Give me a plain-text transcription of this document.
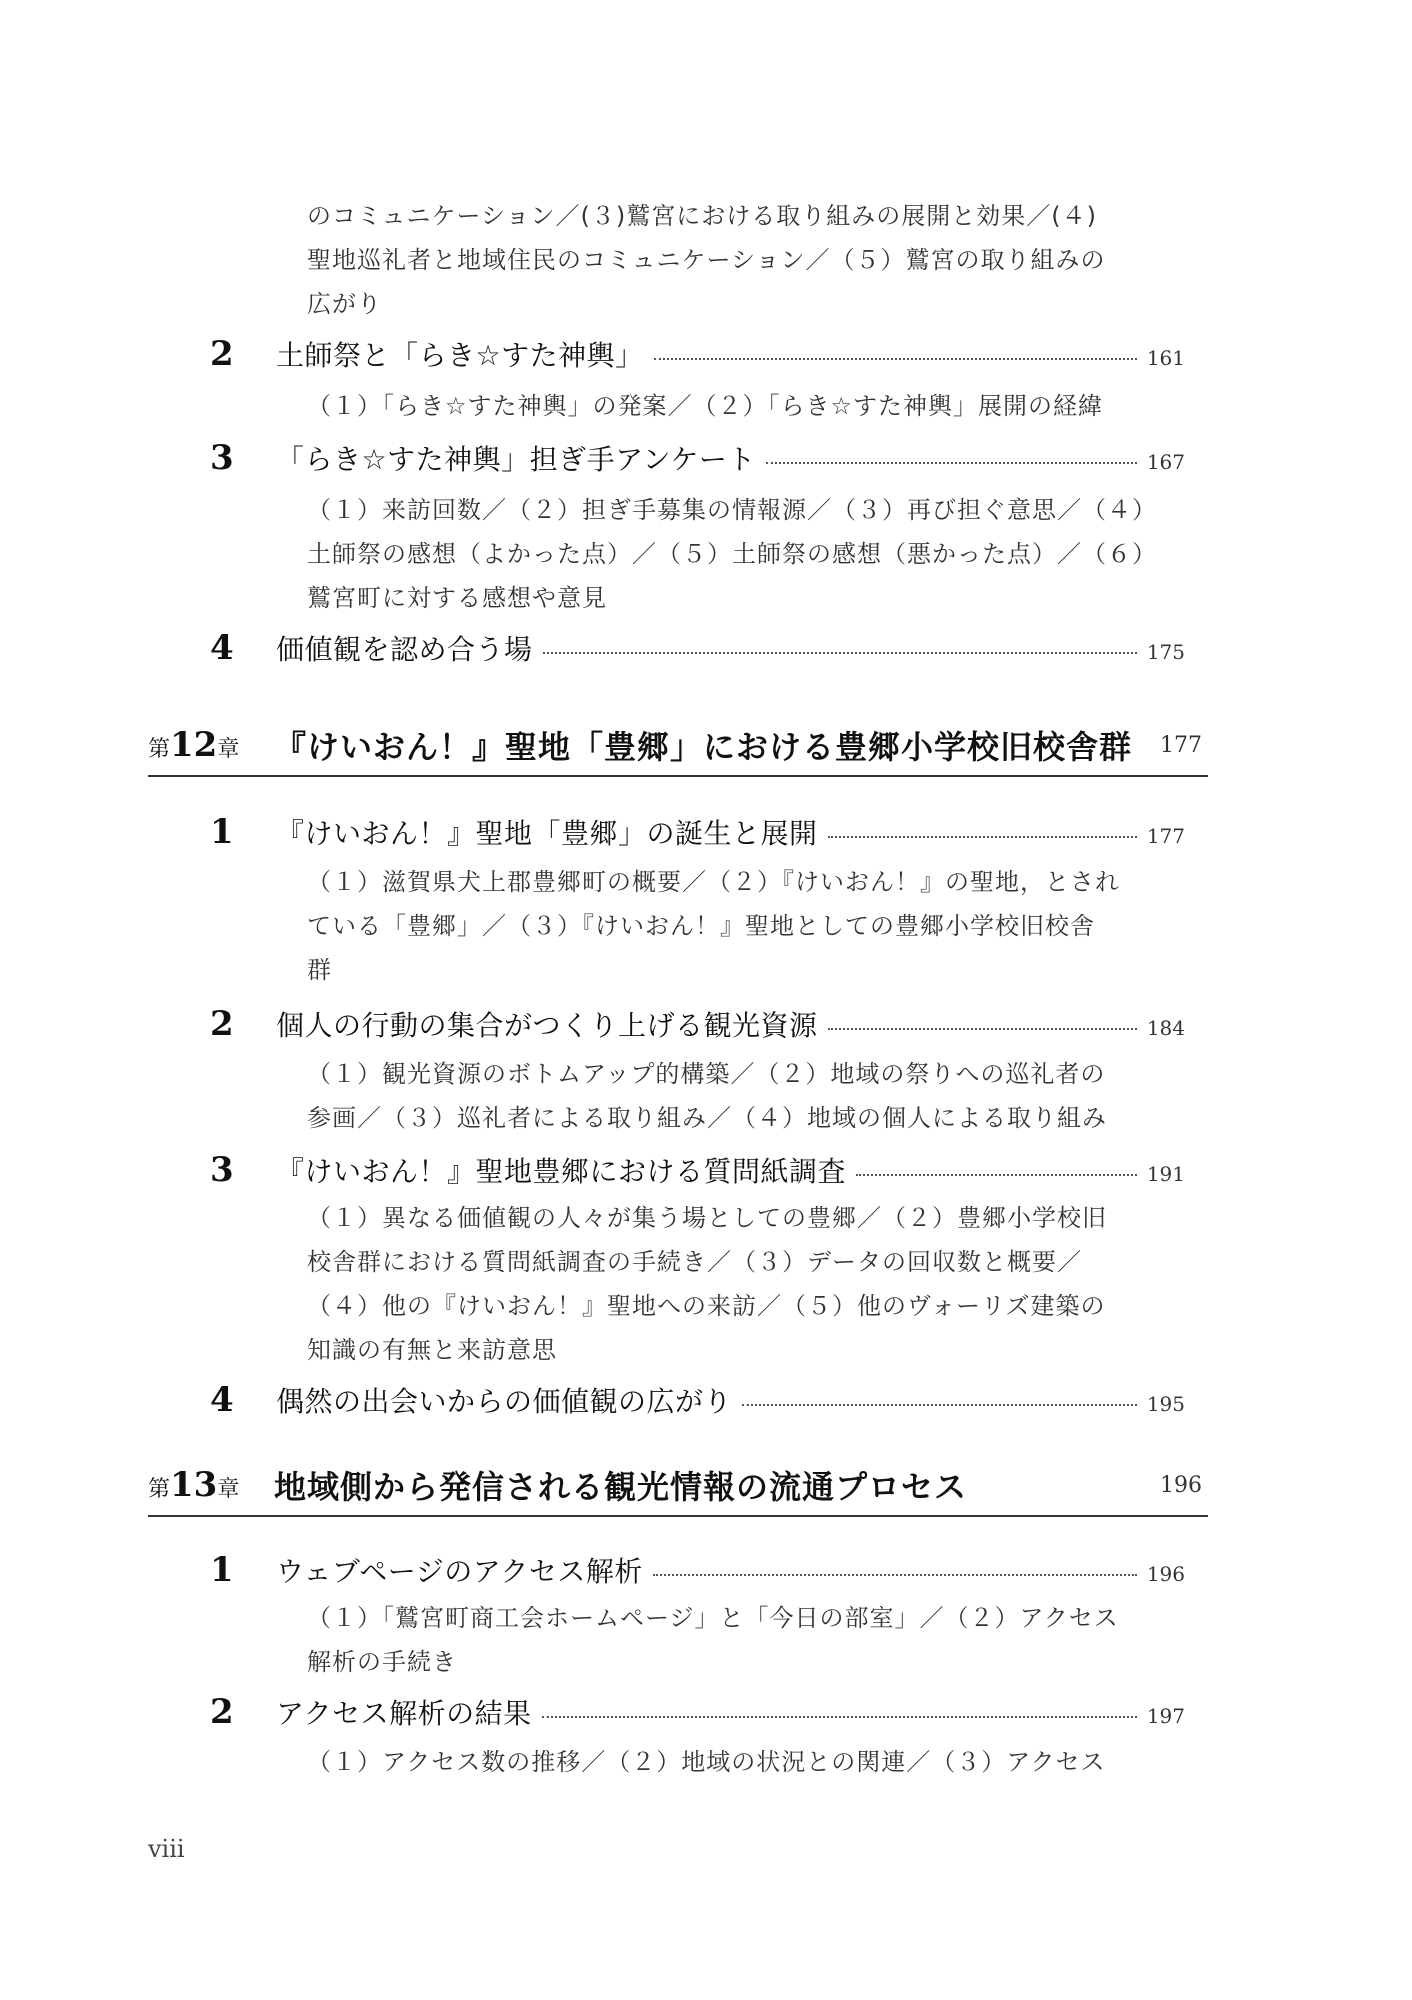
のコミュニケーション／(３)鷲宮における取り組みの展開と効果／(４)
聖地巡礼者と地域住民のコミュニケーション／（５）鷲宮の取り組みの
広がり
2	土師祭と「らき☆すた神輿」	161
（１）「らき☆すた神輿」の発案／（２）「らき☆すた神輿」展開の経緯
3	「らき☆すた神輿」担ぎ手アンケート	167
（１）来訪回数／（２）担ぎ手募集の情報源／（３）再び担ぐ意思／（４）
土師祭の感想（よかった点）／（５）土師祭の感想（悪かった点）／（６）
鷲宮町に対する感想や意見
4	価値観を認め合う場	175
第 12 章 『けいおん！』聖地「豊郷」における豊郷小学校旧校舎群	177
1	『けいおん！』聖地「豊郷」の誕生と展開	177
（１）滋賀県犬上郡豊郷町の概要／（２）『けいおん！』の聖地，とされ
ている「豊郷」／（３）『けいおん！』聖地としての豊郷小学校旧校舎
群
2	個人の行動の集合がつくり上げる観光資源	184
（１）観光資源のボトムアップ的構築／（２）地域の祭りへの巡礼者の
参画／（３）巡礼者による取り組み／（４）地域の個人による取り組み
3	『けいおん！』聖地豊郷における質問紙調査	191
（１）異なる価値観の人々が集う場としての豊郷／（２）豊郷小学校旧
校舎群における質問紙調査の手続き／（３）データの回収数と概要／
（４）他の『けいおん！』聖地への来訪／（５）他のヴォーリズ建築の
知識の有無と来訪意思
4	偶然の出会いからの価値観の広がり	195
第 13 章 地域側から発信される観光情報の流通プロセス	196
1	ウェブページのアクセス解析	196
（１）「鷲宮町商工会ホームページ」と「今日の部室」／（２）アクセス
解析の手続き
2	アクセス解析の結果	197
（１）アクセス数の推移／（２）地域の状況との関連／（３）アクセス
viii
